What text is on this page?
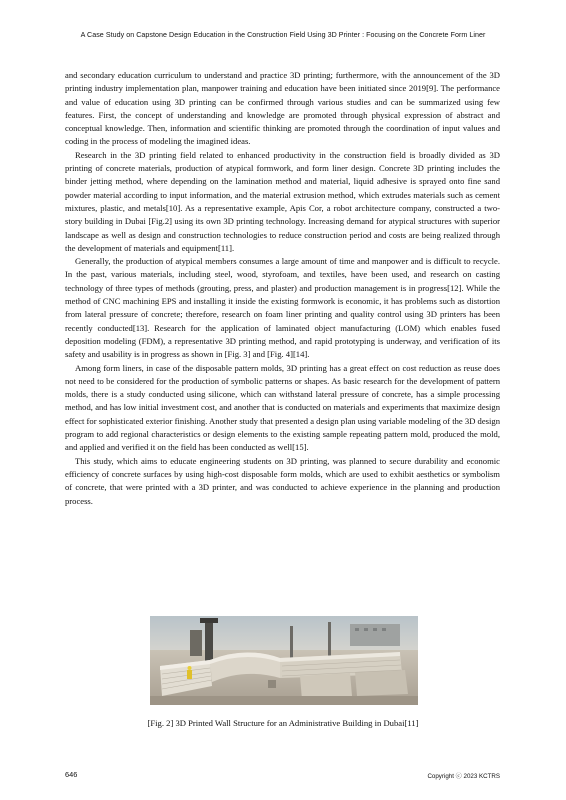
A Case Study on Capstone Design Education in the Construction Field Using 3D Printer : Focusing on the Concrete Form Liner

and secondary education curriculum to understand and practice 3D printing; furthermore, with the announcement of the 3D printing industry implementation plan, manpower training and education have been initiated since 2019[9]. The performance and value of education using 3D printing can be confirmed through various studies and can be summarized using few features. First, the concept of understanding and knowledge are promoted through physical expression of abstract and conceptual knowledge. Then, information and scientific thinking are promoted through the coordination of input values and coding in the process of modeling the imagined ideas.

Research in the 3D printing field related to enhanced productivity in the construction field is broadly divided as 3D printing of concrete materials, production of atypical formwork, and form liner design. Concrete 3D printing includes the binder jetting method, where depending on the lamination method and material, liquid adhesive is sprayed onto fine sand powder material according to input information, and the material extrusion method, which extrudes materials such as cement mixtures, plastic, and metals[10]. As a representative example, Apis Cor, a robot architecture company, constructed a two-story building in Dubai [Fig.2] using its own 3D printing technology. Increasing demand for atypical structures with superior landscape as well as design and construction technologies to reduce construction period and costs are being realized through the development of materials and equipment[11].

Generally, the production of atypical members consumes a large amount of time and manpower and is difficult to recycle. In the past, various materials, including steel, wood, styrofoam, and textiles, have been used, and research on casting technology of three types of methods (grouting, press, and plaster) and production management is in progress[12]. While the method of CNC machining EPS and installing it inside the existing formwork is economic, it has problems such as distortion from lateral pressure of concrete; therefore, research on foam liner printing and quality control using 3D printers has been recently conducted[13]. Research for the application of laminated object manufacturing (LOM) which enables fused deposition modeling (FDM), a representative 3D printing method, and rapid prototyping is underway, and verification of its safety and usability is in progress as shown in [Fig. 3] and [Fig. 4][14].

Among form liners, in case of the disposable pattern molds, 3D printing has a great effect on cost reduction as reuse does not need to be considered for the production of symbolic patterns or shapes. As basic research for the development of pattern molds, there is a study conducted using silicone, which can withstand lateral pressure of concrete, has a simple processing method, and has low initial investment cost, and another that is conducted on materials and experiments that maximize design effect for sophisticated exterior finishing. Another study that presented a design plan using variable modeling of the 3D design program to add regional characteristics or design elements to the existing sample repeating pattern mold, produced the mold, and applied and verified it on the field has been conducted as well[15].

This study, which aims to educate engineering students on 3D printing, was planned to secure durability and economic efficiency of concrete surfaces by using high-cost disposable form molds, which are used to exhibit aesthetics or symbolism of concrete, that were printed with a 3D printer, and was conducted to achieve experience in the planning and production process.

[Fig. 2] 3D Printed Wall Structure for an Administrative Building in Dubai[11]
646	Copyright ⓒ 2023 KCTRS
